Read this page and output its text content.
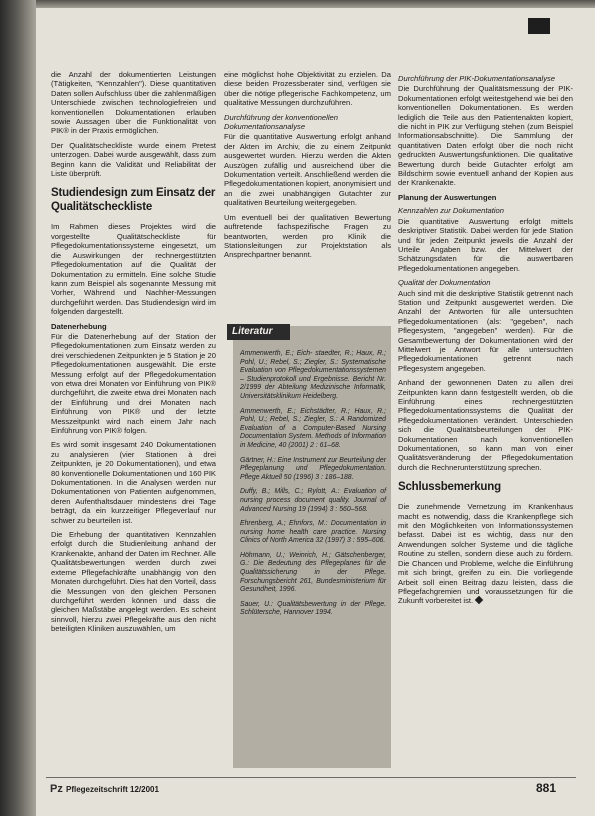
die Anzahl der dokumentierten Leistungen (Tätigkeiten, "Kennzahlen"). Diese quantitativen Daten sollen Aufschluss über die zahlenmäßigen Unterschiede zwischen technologiefreien und konventionellen Dokumentationen erlauben sowie Aussagen über die Funktionalität von PIK® in der Praxis ermöglichen.

Der Qualitätscheckliste wurde einem Pretest unterzogen. Dabei wurde ausgewählt, dass zum Beginn kann die Validität und Reliabilität der Liste überprüft.

Studiendesign zum Einsatz der Qualitätscheckliste

Im Rahmen dieses Projektes wird die vorgestellte Qualitätscheckliste für Pflegedokumentationssysteme eingesetzt, um die Auswirkungen der rechnergestützten Pflegedokumentation auf die Qualität der Dokumentation zu ermitteln. Eine solche Studie kann zum Beispiel als sogenannte Messung mit Vorher, Während und Nachher-Messungen durchgeführt werden. Das Studiendesign wird im folgenden dargestellt.

Datenerhebung

Für die Datenerhebung auf der Station der Pflegedokumentationen zum Einsatz werden zu drei verschiedenen Zeitpunkten je 5 Station je 20 Pflegedokumentationen ausgewählt. Die erste Messung erfolgt auf der Pflegedokumentation von etwa drei Monaten vor Einführung von PIK® durchgeführt, die zweite etwa drei Monaten nach der Einführung und drei Monaten nach Einführung von PIK® und der letzte Messzeitpunkt wird nach einem Jahr nach Einführung von PIK® folgen.

Es wird somit insgesamt 240 Dokumentationen zu analysieren (vier Stationen à drei Zeitpunkten, je 20 Dokumentationen), und etwa 80 konventionelle Dokumentationen und 160 PIK Dokumentationen. In die Analysen werden nur Dokumentationen von Patienten aufgenommen, deren Aufenthaltsdauer mindestens drei Tage beträgt, da ein kurzzeitiger Pflegeverlauf nur schwer zu beurteilen ist.

Die Erhebung der quantitativen Kennzahlen erfolgt durch die Studienleitung anhand der Krankenakte, anhand der Daten im Rechner. Alle Qualitätsbewertungen werden durch zwei externe Pflegefachkräfte unabhängig von den Monaten durchgeführt. Dies hat den Vorteil, dass die Messungen von den gleichen Personen durchgeführt werden können und dass die gleichen Maßstäbe angelegt werden. Es scheint sinnvoll, hierzu zwei Pflegekräfte aus den nicht beteiligten Kliniken auszuwählen, um

eine möglichst hohe Objektivität zu erzielen. Da diese beiden Prozessberater sind, verfügen sie über die nötige pflegerische Fachkompetenz, um qualitative Messungen durchzuführen.

Durchführung der konventionellen Dokumentationsanalyse

Für die quantitative Auswertung erfolgt anhand der Akten im Archiv, die zu einem Zeitpunkt ausgewertet wurden. Hierzu werden die Akten Auszügen zufällig und ausreichend über die Dokumentation verteilt. Anschließend werden die Pflegedokumentationen kopiert, anonymisiert und an die zwei unabhängigen Gutachter zur qualitativen Beurteilung weitergegeben.

Um eventuell bei der qualitativen Bewertung auftretende fachspezifische Fragen zu beantworten, werden pro Klinik die Stationsleitungen zur Projektstation als Ansprechpartner benannt.

Literatur

Ammenwerth, E.; Eich- staedter, R.; Haux, R.; Pohl, U.; Rebel, S.; Ziegler, S.: Systematische Evaluation von Pflegedokumentationssystemen – Studienprotokoll und Ergebnisse. Bericht Nr. 2/1999 der Abteilung Medizinische Informatik, Universitätsklinikum Heidelberg.

Ammenwerth, E.; Eichstädter, R.; Haux, R.; Pohl, U.; Rebel, S.; Ziegler, S.: A Randomized Evaluation of a Computer-Based Nursing Documentation System. Methods of Information in Medicine, 40 (2001) 2 : 61–68.

Gärtner, H.: Eine Instrument zur Beurteilung der Pflegeplanung und Pflegedokumentation. Pflege Aktuell 50 (1996) 3 : 186–188.

Duffy, B.; Mills, C.; Rylott, A.: Evaluation of nursing process document quality. Journal of Advanced Nursing 19 (1994) 3 : 560–568.

Ehrenberg, A.; Ehnfors, M.: Documentation in nursing home health care practice. Nursing Clinics of North America 32 (1997) 3 : 595–606.

Höhmann, U.; Weinrich, H.; Gätschenberger, G.: Die Bedeutung des Pflegeplanes für die Qualitätssicherung in der Pflege. Forschungsbericht 261, Bundesministerium für Gesundheit, 1996.

Sauer, U.: Qualitätsbewertung in der Pflege. Schlütersche, Hannover 1994.

Durchführung der PIK-Dokumentationsanalyse

Die Durchführung der Qualitätsmessung der PIK-Dokumentationen erfolgt weitestgehend wie bei den konventionellen Dokumentationen. Es werden lediglich die Teile aus den Patientenakten kopiert, die nicht in PIK zur Verfügung stehen (zum Beispiel Informationsabschnitte). Die Sammlung der quantitativen Daten erfolgt über die noch nicht gedruckten Auswertungsfunktionen. Die qualitative Bewertung durch beide Gutachter erfolgt am Bildschirm sowie eventuell anhand der Kopien aus der Krankenakte.

Planung der Auswertungen
Kennzahlen zur Dokumentation

Die quantitative Auswertung erfolgt mittels deskriptiver Statistik. Dabei werden für jede Station und für jeden Zeitpunkt jeweils die Anzahl der Urteile Angaben bzw. der Mittelwert der Schätzungsdaten für die auswertbaren Pflegedokumentationen angegeben.

Qualität der Dokumentation

Auch sind mit die deskriptive Statistik getrennt nach Station und Zeitpunkt ausgewertet werden. Die Anzahl der Antworten für alle untersuchten Pflegedokumentationen (als: "gegeben", nach Pflegesystem, "angegeben" werden). Für die Gesamtbewertung der Dokumentationen wird der Mittelwert je Antwort für alle untersuchten Pflegedokumentationen getrennt nach Pflegesystem angegeben.

Anhand der gewonnenen Daten zu allen drei Zeitpunkten kann dann festgestellt werden, ob die Einführung eines rechnergestützten Pflegedokumentationssystems die Qualität der Pflegedokumentationen verändert. Unterschieden sich die Qualitätsbeurteilungen der PIK-Dokumentationen nach konventionellen Dokumentationen, so kann man von einer Qualitätsveränderung der Pflegedokumentation durch die Rechnerunterstützung sprechen.

Schlussbemerkung

Die zunehmende Vernetzung im Krankenhaus macht es notwendig, dass die Krankenpflege sich mit den Möglichkeiten von Informationssystemen befasst. Dabei ist es wichtig, dass nur den Anwendungen solcher Systeme und die tägliche Routine zu stellen, sondern diese auch zu fördern. Die Chancen und Probleme, welche die Einführung mit sich bringt, greifen zu ein. Die vorliegende Arbeit soll einen Beitrag dazu leisten, dass die Pflegefachgremien und voraussetzungen für die Zukunft vorbereitet ist.

Pz Pflegezeitschrift 12/2001	881
